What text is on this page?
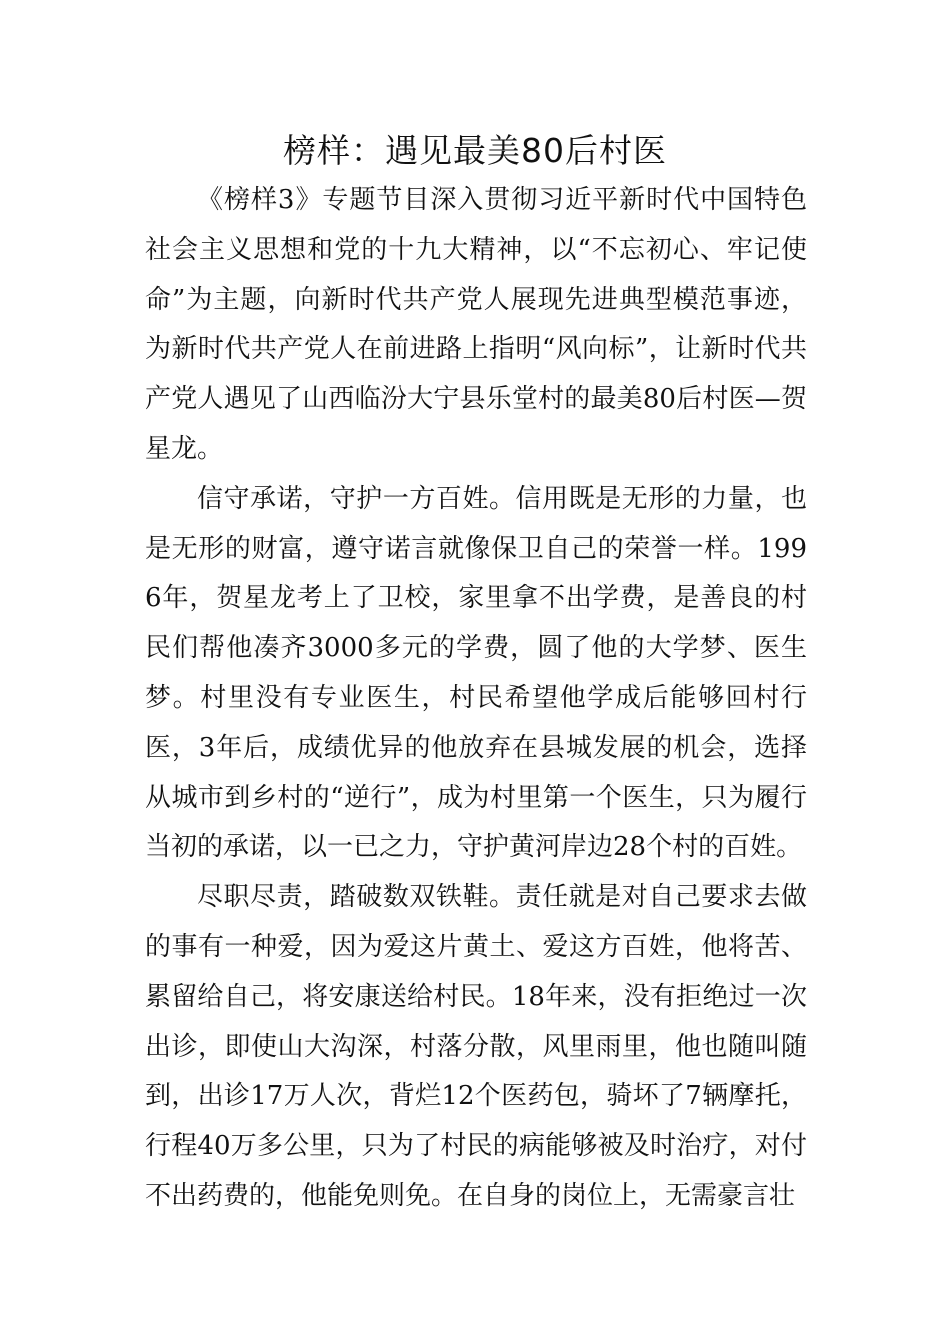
榜样：遇见最美80后村医

《榜样3》专题节目深入贯彻习近平新时代中国特色社会主义思想和党的十九大精神，以“不忘初心、牢记使命”为主题，向新时代共产党人展现先进典型模范事迹，为新时代共产党人在前进路上指明“风向标”，让新时代共产党人遇见了山西临汾大宁县乐堂村的最美80后村医—贺星龙。

信守承诺，守护一方百姓。信用既是无形的力量，也是无形的财富，遵守诺言就像保卫自己的荣誉一样。1996年，贺星龙考上了卫校，家里拿不出学费，是善良的村民们帮他凑齐3000多元的学费，圆了他的大学梦、医生梦。村里没有专业医生，村民希望他学成后能够回村行医，3年后，成绩优异的他放弃在县城发展的机会，选择从城市到乡村的“逆行”，成为村里第一个医生，只为履行当初的承诺，以一已之力，守护黄河岸边28个村的百姓。

尽职尽责，踏破数双铁鞋。责任就是对自己要求去做的事有一种爱，因为爱这片黄土、爱这方百姓，他将苦、累留给自己，将安康送给村民。18年来，没有拒绝过一次出诊，即使山大沟深，村落分散，风里雨里，他也随叫随到，出诊17万人次，背烂12个医药包，骑坏了7辆摩托，行程40万多公里，只为了村民的病能够被及时治疗，对付不出药费的，他能免则免。在自身的岗位上，无需豪言壮
